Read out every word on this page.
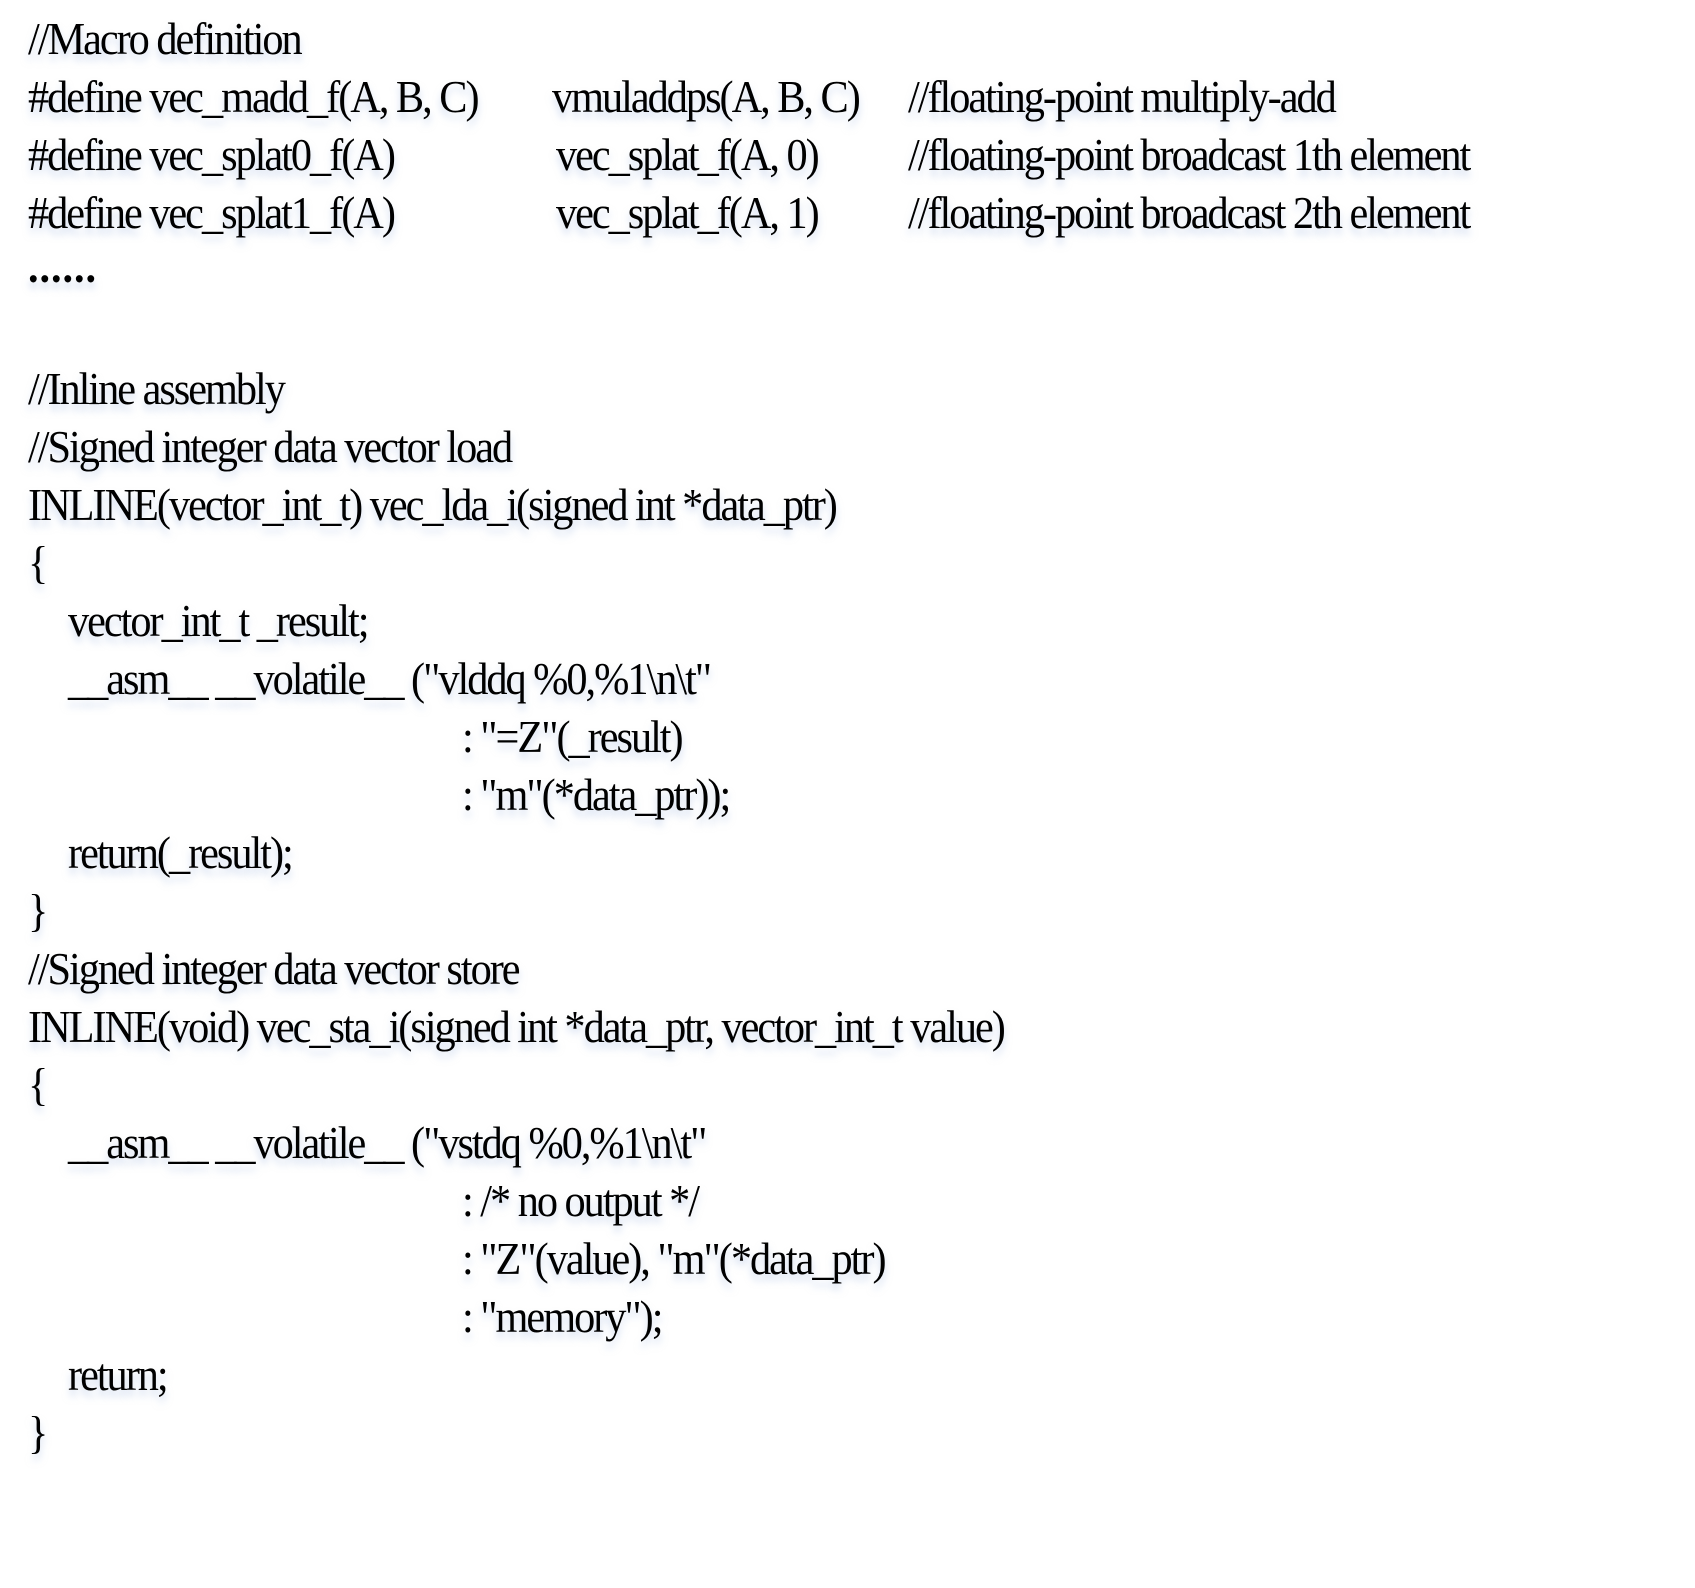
//Macro definition
#define vec_madd_f(A, B, C) vmuladdps(A, B, C) //floating-point multiply-add
#define vec_splat0_f(A)	vec_splat_f(A, 0) //floating-point broadcast 1th element
#define vec_splat1_f(A)	vec_splat_f(A, 1) //floating-point broadcast 2th element
......
//Inline assembly
//Signed integer data vector load
INLINE(vector_int_t) vec_lda_i(signed int *data_ptr)
{
vector_int_t _result;
__asm__ __volatile__ ("vlddq %0,%1\n\t"
: "=Z"(_result)
: "m"(*data_ptr));
return(_result);
}
//Signed integer data vector store
INLINE(void) vec_sta_i(signed int *data_ptr, vector_int_t value)
{
__asm__ __volatile__ ("vstdq %0,%1\n\t"
: /* no output */
: "Z"(value), "m"(*data_ptr)
: "memory");
return;
}
